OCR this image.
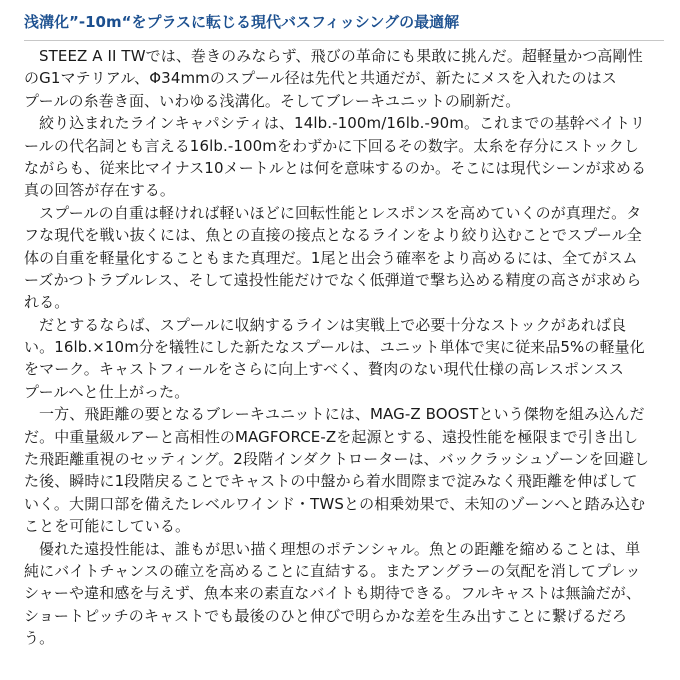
浅溝化”-10m“をプラスに転じる現代バスフィッシングの最適解
STEEZ A II TWでは、巻きのみならず、飛びの革命にも果敢に挑んだ。超軽量かつ高剛性
のG1マテリアル、Φ34mmのスプール径は先代と共通だが、新たにメスを入れたのはス
プールの糸巻き面、いわゆる浅溝化。そしてブレーキユニットの刷新だ。
絞り込まれたラインキャパシティは、14lb.-100m/16lb.-90m。これまでの基幹ベイトリ
ールの代名詞とも言える16lb.-100mをわずかに下回るその数字。太糸を存分にストックし
ながらも、従来比マイナス10メートルとは何を意味するのか。そこには現代シーンが求める
真の回答が存在する。
スプールの自重は軽ければ軽いほどに回転性能とレスポンスを高めていくのが真理だ。タ
フな現代を戦い抜くには、魚との直接の接点となるラインをより絞り込むことでスプール全
体の自重を軽量化することもまた真理だ。1尾と出会う確率をより高めるには、全てがスム
ーズかつトラブルレス、そして遠投性能だけでなく低弾道で撃ち込める精度の高さが求めら
れる。
だとするならば、スプールに収納するラインは実戦上で必要十分なストックがあれば良
い。16lb.×10m分を犠牲にした新たなスプールは、ユニット単体で実に従来品5%の軽量化
をマーク。キャストフィールをさらに向上すべく、贅肉のない現代仕様の高レスポンスス
プールへと仕上がった。
一方、飛距離の要となるブレーキユニットには、MAG-Z BOOSTという傑物を組み込んだ
だ。中重量級ルアーと高相性のMAGFORCE-Zを起源とする、遠投性能を極限まで引き出し
た飛距離重視のセッティング。2段階インダクトローターは、バックラッシュゾーンを回避し
た後、瞬時に1段階戻ることでキャストの中盤から着水間際まで淀みなく飛距離を伸ばして
いく。大開口部を備えたレベルワインド・TWSとの相乗効果で、未知のゾーンへと踏み込む
ことを可能にしている。
優れた遠投性能は、誰もが思い描く理想のポテンシャル。魚との距離を縮めることは、単
純にバイトチャンスの確立を高めることに直結する。またアングラーの気配を消してプレッ
シャーや違和感を与えず、魚本来の素直なバイトも期待できる。フルキャストは無論だが、
ショートピッチのキャストでも最後のひと伸びで明らかな差を生み出すことに繋げるだろ
う。
